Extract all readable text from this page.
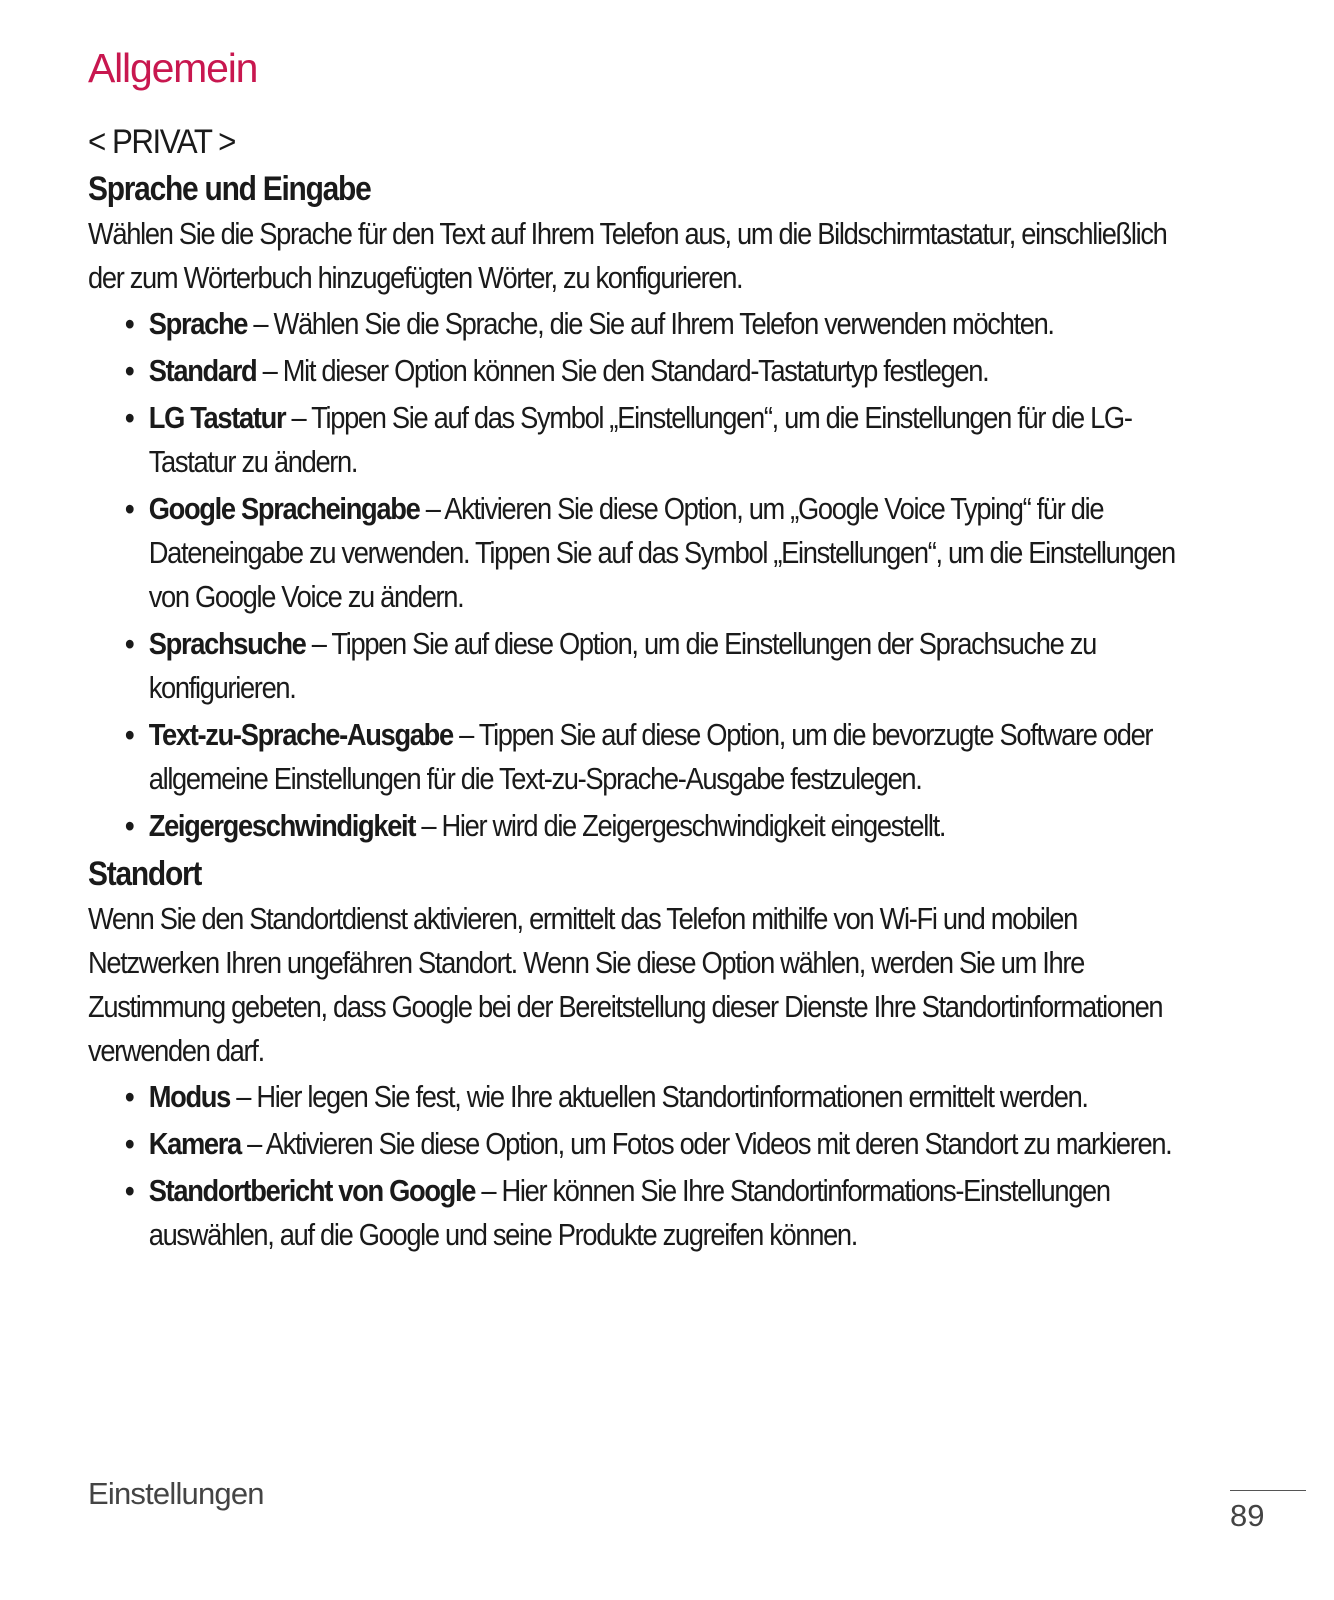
Allgemein
< PRIVAT >
Sprache und Eingabe

Wählen Sie die Sprache für den Text auf Ihrem Telefon aus, um die Bildschirmtastatur, einschließlich der zum Wörterbuch hinzugefügten Wörter, zu konfigurieren.

• Sprache – Wählen Sie die Sprache, die Sie auf Ihrem Telefon verwenden möchten.
• Standard – Mit dieser Option können Sie den Standard-Tastaturtyp festlegen.
• LG Tastatur – Tippen Sie auf das Symbol „Einstellungen“, um die Einstellungen für die LG-Tastatur zu ändern.
• Google Spracheingabe – Aktivieren Sie diese Option, um „Google Voice Typing“ für die Dateneingabe zu verwenden. Tippen Sie auf das Symbol „Einstellungen“, um die Einstellungen von Google Voice zu ändern.
• Sprachsuche – Tippen Sie auf diese Option, um die Einstellungen der Sprachsuche zu konfigurieren.
• Text-zu-Sprache-Ausgabe – Tippen Sie auf diese Option, um die bevorzugte Software oder allgemeine Einstellungen für die Text-zu-Sprache-Ausgabe festzulegen.
• Zeigergeschwindigkeit – Hier wird die Zeigergeschwindigkeit eingestellt.
Standort

Wenn Sie den Standortdienst aktivieren, ermittelt das Telefon mithilfe von Wi-Fi und mobilen Netzwerken Ihren ungefähren Standort. Wenn Sie diese Option wählen, werden Sie um Ihre Zustimmung gebeten, dass Google bei der Bereitstellung dieser Dienste Ihre Standortinformationen verwenden darf.

• Modus – Hier legen Sie fest, wie Ihre aktuellen Standortinformationen ermittelt werden.
• Kamera – Aktivieren Sie diese Option, um Fotos oder Videos mit deren Standort zu markieren.
• Standortbericht von Google – Hier können Sie Ihre Standortinformations-Einstellungen auswählen, auf die Google und seine Produkte zugreifen können.
Einstellungen
89
